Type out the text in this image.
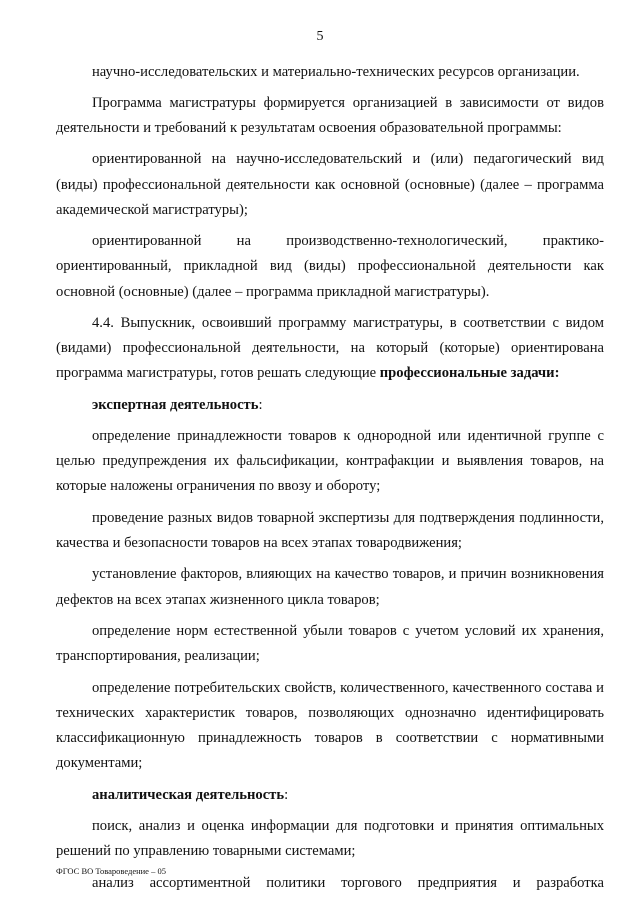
5

научно-исследовательских и материально-технических ресурсов организации.

Программа магистратуры формируется организацией в зависимости от видов деятельности и требований к результатам освоения образовательной программы:

ориентированной на научно-исследовательский и (или) педагогический вид (виды) профессиональной деятельности как основной (основные) (далее – программа академической магистратуры);

ориентированной на производственно-технологический, практико-ориентированный, прикладной вид (виды) профессиональной деятельности как основной (основные) (далее – программа прикладной магистратуры).

4.4. Выпускник, освоивший программу магистратуры, в соответствии с видом (видами) профессиональной деятельности, на который (которые) ориентирована программа магистратуры, готов решать следующие профессиональные задачи:

экспертная деятельность:

определение принадлежности товаров к однородной или идентичной группе с целью предупреждения их фальсификации, контрафакции и выявления товаров, на которые наложены ограничения по ввозу и обороту;

проведение разных видов товарной экспертизы для подтверждения подлинности, качества и безопасности товаров на всех этапах товародвижения;

установление факторов, влияющих на качество товаров, и причин возникновения дефектов на всех этапах жизненного цикла товаров;

определение норм естественной убыли товаров с учетом условий их хранения, транспортирования, реализации;

определение потребительских свойств, количественного, качественного состава и технических характеристик товаров, позволяющих однозначно идентифицировать классификационную принадлежность товаров в соответствии с нормативными документами;

аналитическая деятельность:

поиск, анализ и оценка информации для подготовки и принятия оптимальных решений по управлению товарными системами;

анализ ассортиментной политики торгового предприятия и разработка

ФГОС ВО Товароведение – 05
